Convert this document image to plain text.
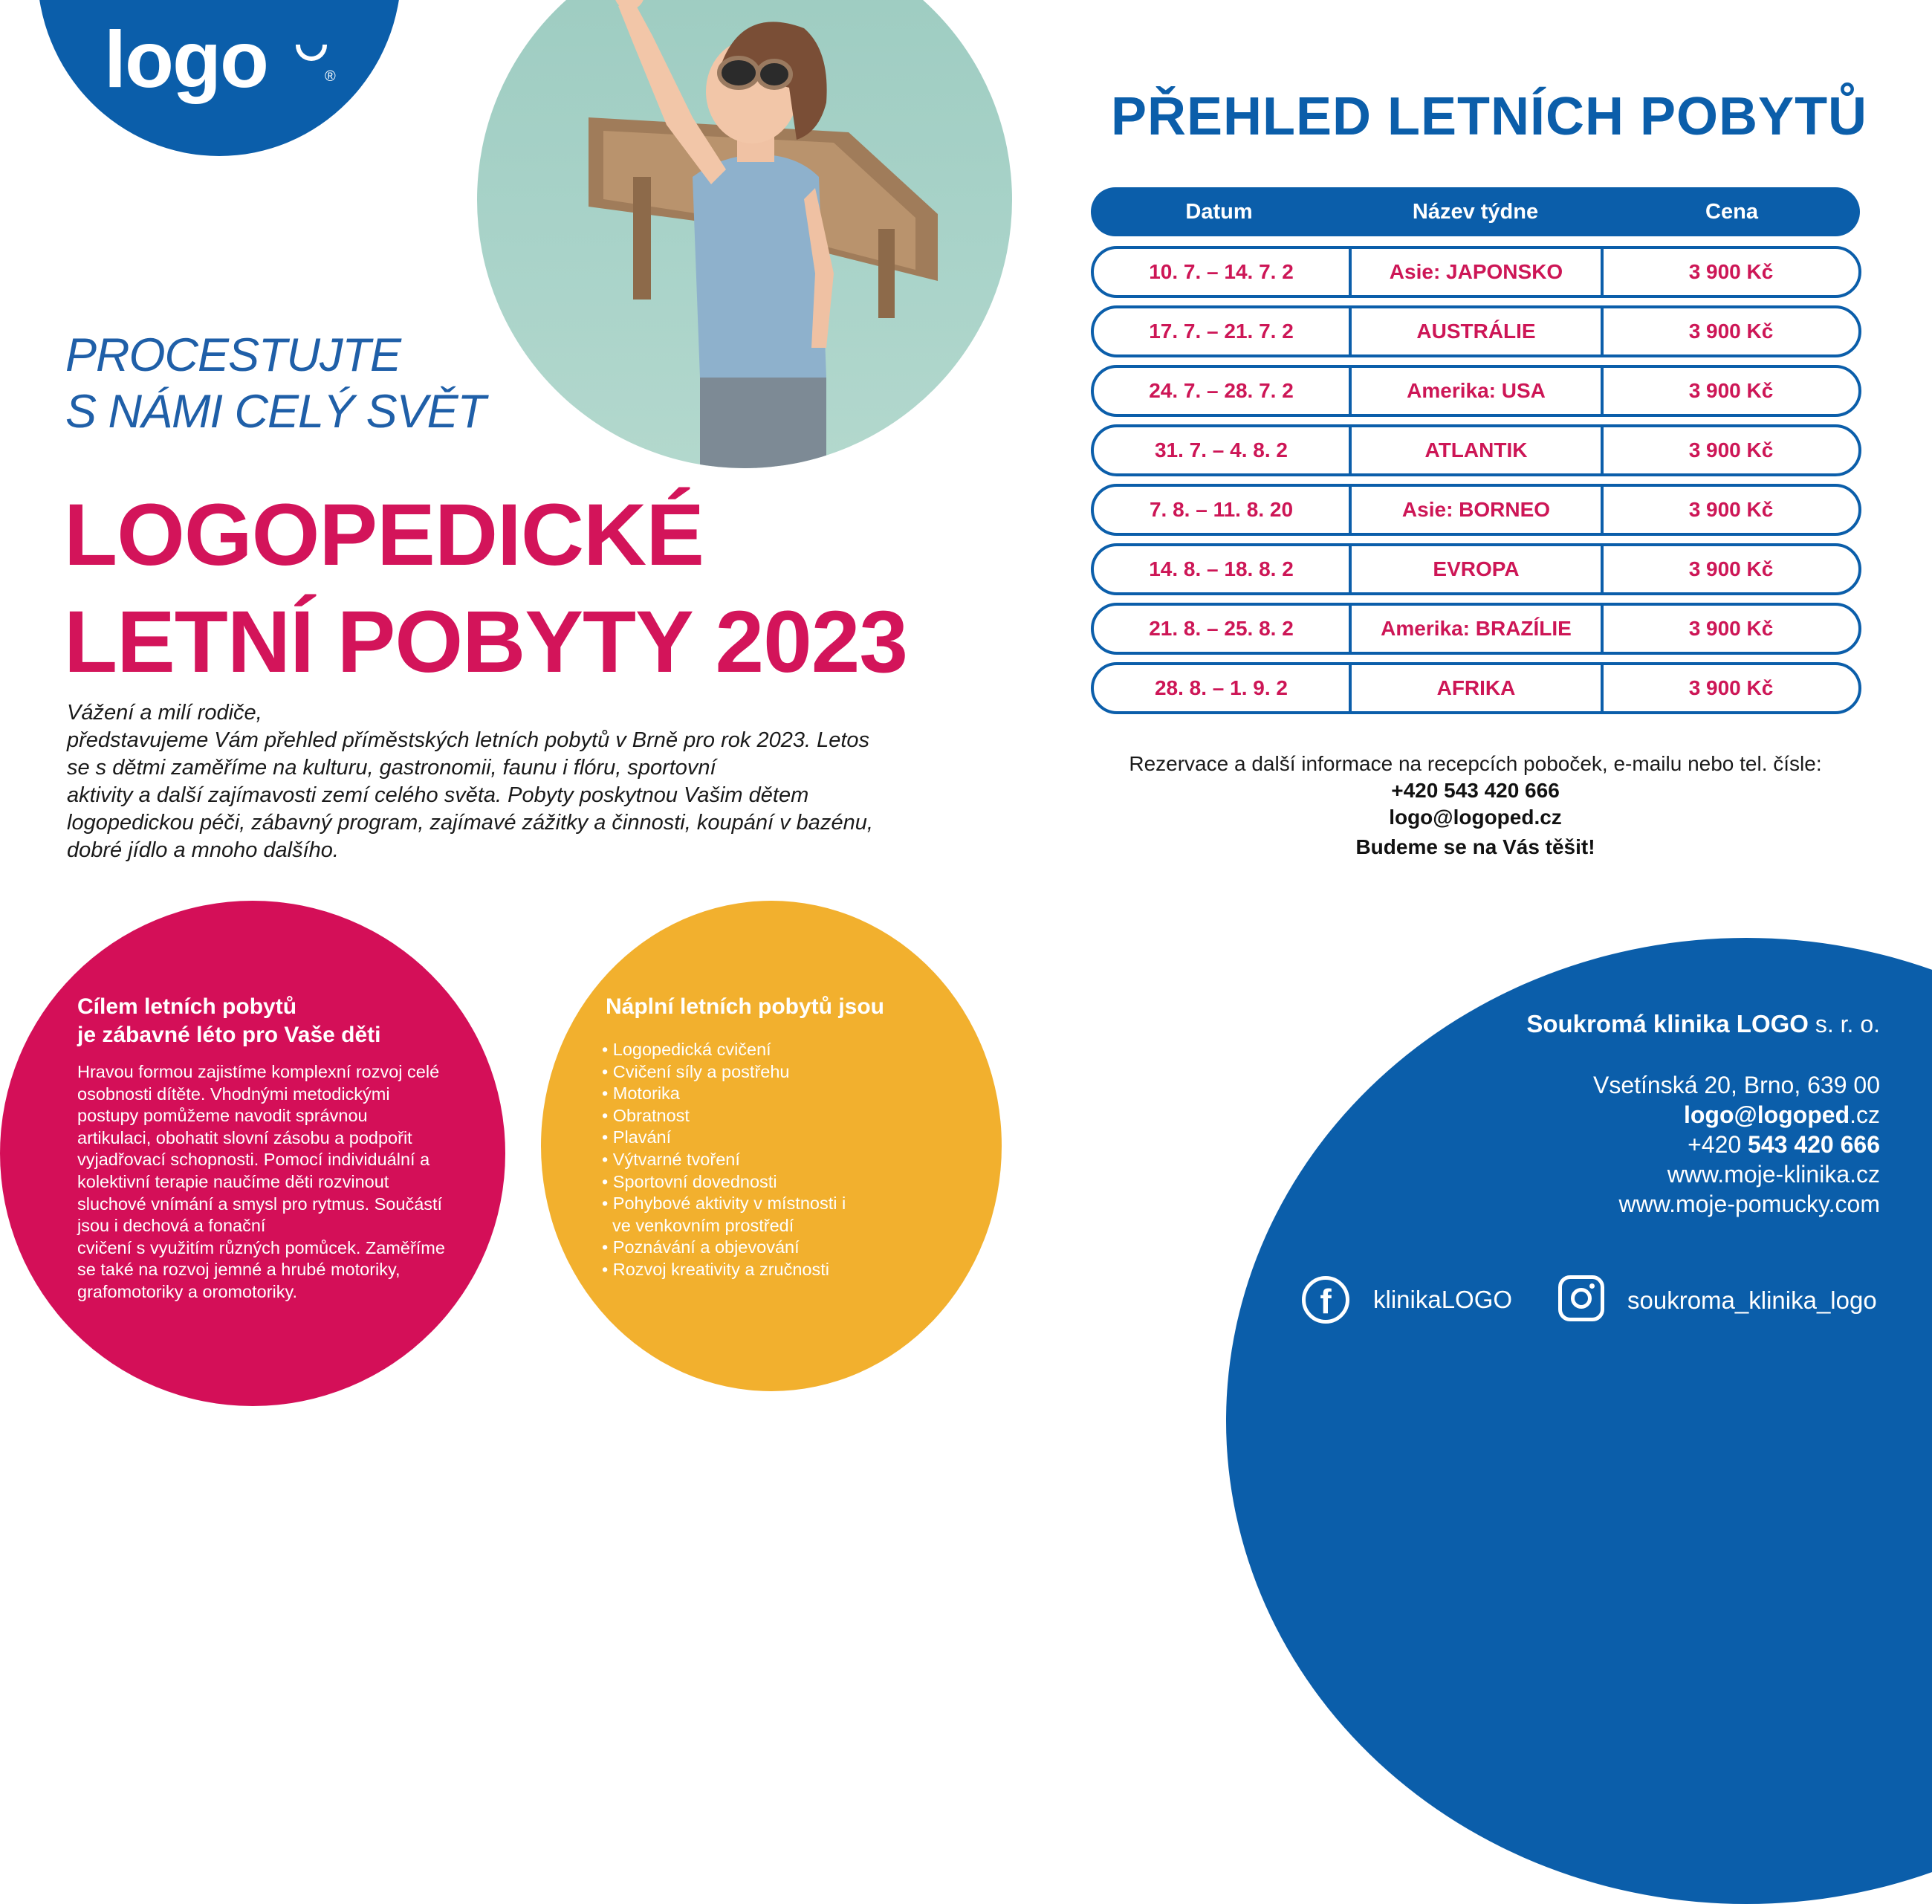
logo	®
PROCESTUJTE
S NÁMI CELÝ SVĚT
LOGOPEDICKÉ
LETNÍ POBYTY 2023

Vážení a milí rodiče,

představujeme Vám přehled příměstských letních pobytů v Brně pro rok 2023. Letos

se s dětmi zaměříme na kulturu, gastronomii, faunu i flóru, sportovní

aktivity a další zajímavosti zemí celého světa. Pobyty poskytnou Vašim dětem

logopedickou péči, zábavný program, zajímavé zážitky a činnosti, koupání v bazénu,

dobré jídlo a mnoho dalšího.

PŘEHLED LETNÍCH POBYTŮ
Datum	Název týdne	Cena
10. 7. – 14. 7. 2	Asie: JAPONSKO	3 900 Kč
17. 7. – 21. 7. 2	AUSTRÁLIE	3 900 Kč
24. 7. – 28. 7. 2	Amerika: USA	3 900 Kč
31. 7. – 4. 8. 2	ATLANTIK	3 900 Kč
7. 8. – 11. 8. 20	Asie: BORNEO	3 900 Kč
14. 8. – 18. 8. 2	EVROPA	3 900 Kč
21. 8. – 25. 8. 2	Amerika: BRAZÍLIE	3 900 Kč
28. 8. – 1. 9. 2	AFRIKA	3 900 Kč
Rezervace a další informace na recepcích poboček, e-mailu nebo tel. čísle:
+420 543 420 666
logo@logoped.cz
Budeme se na Vás těšit!
Cílem letních pobytů
je zábavné léto pro Vaše děti
Hravou formou zajistíme komplexní rozvoj celé
osobnosti dítěte. Vhodnými metodickými
postupy pomůžeme navodit správnou
artikulaci, obohatit slovní zásobu a podpořit
vyjadřovací schopnosti. Pomocí individuální a
kolektivní terapie naučíme děti rozvinout
sluchové vnímání a smysl pro rytmus. Součástí
jsou i dechová a fonační
cvičení s využitím různých pomůcek. Zaměříme
se také na rozvoj jemné a hrubé motoriky,
grafomotoriky a oromotoriky.
Náplní letních pobytů jsou
• Logopedická cvičení
• Cvičení síly a postřehu
• Motorika
• Obratnost
• Plavání
• Výtvarné tvoření
• Sportovní dovednosti
• Pohybové aktivity v místnosti i
ve venkovním prostředí
• Poznávání a objevování
• Rozvoj kreativity a zručnosti
Soukromá klinika LOGO s. r. o.
Vsetínská 20, Brno, 639 00
logo@logoped.cz
+420 543 420 666
www.moje-klinika.cz
www.moje-pomucky.com
f	klinikaLOGO	soukroma_klinika_logo
